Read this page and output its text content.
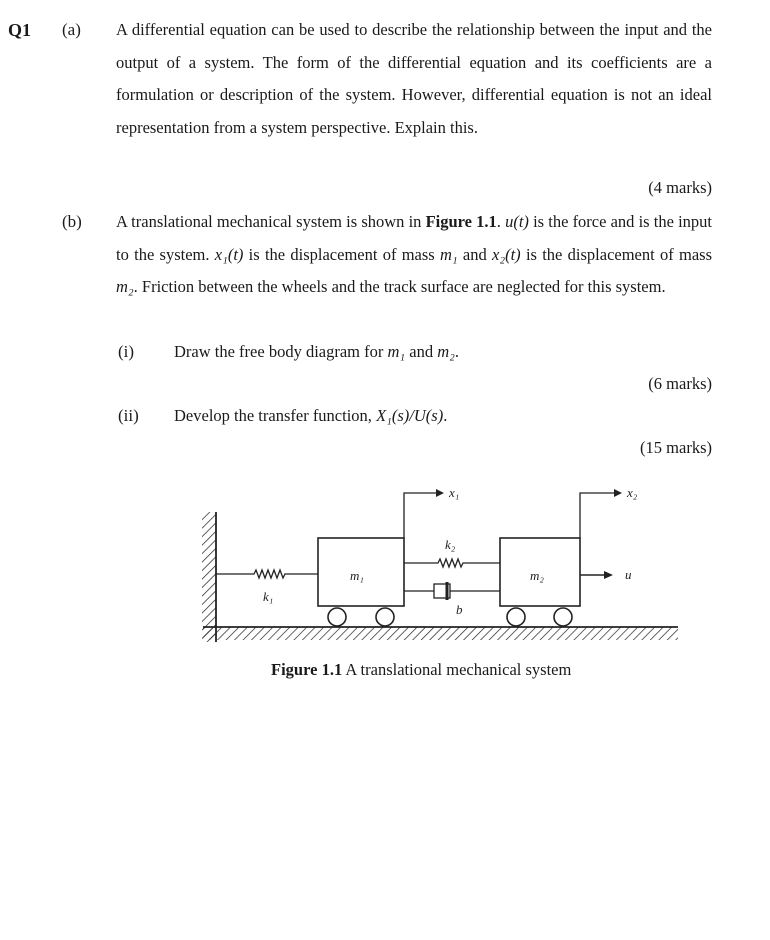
Q1 (a) A differential equation can be used to describe the relationship between the input and the output of a system. The form of the differential equation and its coefficients are a formulation or description of the system. However, differential equation is not an ideal representation from a system perspective. Explain this.
(4 marks)
(b) A translational mechanical system is shown in Figure 1.1. u(t) is the force and is the input to the system. x₁(t) is the displacement of mass m₁ and x₂(t) is the displacement of mass m₂. Friction between the wheels and the track surface are neglected for this system.
(i) Draw the free body diagram for m₁ and m₂.
(6 marks)
(ii) Develop the transfer function, X₁(s)/U(s).
(15 marks)
x₁	x₂
k₂
k₁
m₁	m₂
b
u
Figure 1.1 A translational mechanical system
